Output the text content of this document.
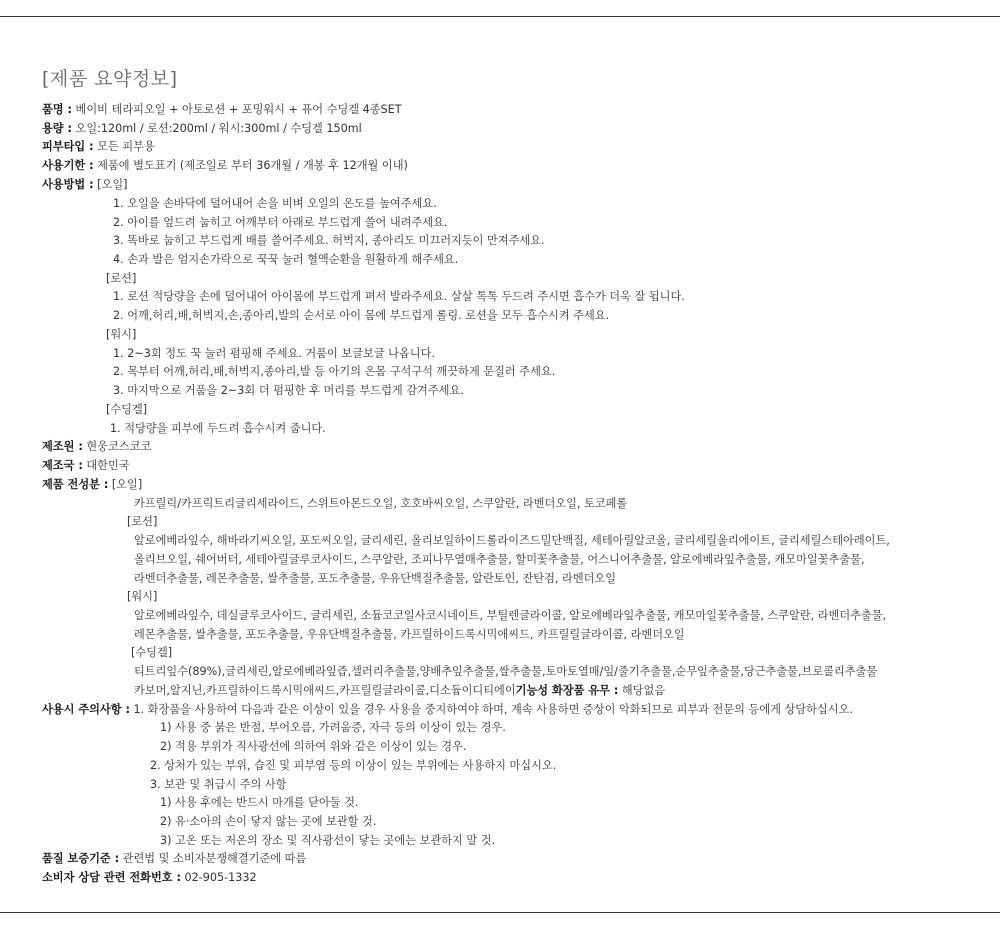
[제품 요약정보]
품명 : 베이비 테라피오일 + 아토로션 + 포밍워시 + 퓨어 수딩겔 4종SET
용량 : 오일:120ml / 로션:200ml / 워시:300ml / 수딩겔 150ml
피부타입 : 모든 피부용
사용기한 : 제품에 별도표기 (제조일로 부터 36개월 / 개봉 후 12개월 이내)
사용방법 : [오일]
1. 오일을 손바닥에 덜어내어 손을 비벼 오일의 온도를 높여주세요.
2. 아이를 엎드려 눕히고 어깨부터 아래로 부드럽게 쓸어 내려주세요.
3. 똑바로 눕히고 부드럽게 배를 쓸어주세요. 허벅지, 종아리도 미끄러지듯이 만져주세요.
4. 손과 발은 엄지손가락으로 꾹꾹 눌러 혈액순환을 원활하게 해주세요.
[로션]
1. 로션 적당량을 손에 덜어내어 아이몸에 부드럽게 펴서 발라주세요. 살살 톡톡 두드려 주시면 흡수가 더욱 잘 됩니다.
2. 어깨,허리,배,허벅지,손,종아리,발의 순서로 아이 몸에 부드럽게 롤링. 로션을 모두 흡수시켜 주세요.
[워시]
1. 2~3회 정도 꾹 눌러 펌핑해 주세요. 거품이 보글보글 나옵니다.
2. 목부터 어깨,허리,배,허벅지,종아리,발 등 아기의 온몸 구석구석 깨끗하게 문질러 주세요.
3. 마지막으로 거품을 2~3회 더 펌핑한 후 머리를 부드럽게 감겨주세요.
[수딩겔]
1. 적당량을 피부에 두드려 흡수시켜 줍니다.
제조원 : 현웅코스코코
제조국 : 대한민국
제품 전성분 : [오일]
카프릴릭/카프릭트리글리세라이드, 스위트아몬드오일, 호호바씨오일, 스쿠알란, 라벤더오일, 토코페롤
[로션]
알로에베라잎수, 해바라기씨오일, 포도씨오일, 글리세린, 올리보일하이드롤라이즈드밀단백질, 세테아릴알코올, 글리세릴올리에이트, 글리세릴스테아레이트,
올리브오일, 쉐어버터, 세테아릴글루코사이드, 스쿠알란, 조피나무열매추출물, 할미꽃추출물, 어스니어추출물, 알로에베라잎추출물, 캐모마일꽃추출물,
라벤더추출물, 레몬추출물, 쌀추출물, 포도추출물, 우유단백질추출물, 알란토인, 잔탄검, 라벤더오일
[워시]
알로에베라잎수, 데실글루코사이드, 글리세린, 소듐코코일사코시네이트, 부틸렌글라이콜, 알로에베라잎추출물, 캐모마일꽃추출물, 스쿠알란, 라벤더추출물,
레몬추출물, 쌀추출물, 포도추출물, 우유단백질추출물, 카프릴하이드록시믹애씨드, 카프릴릴글라이콜, 라벤더오일
[수딩겔]
티트리잎수(89%),글리세린,알로에베라잎즙,셀러리추출물,양배추잎추출물,쌀추출물,토마토열매/잎/줄기추출물,순무잎추출물,당근추출물,브로콜리추출물
카보머,알지닌,카프릴하이드록시믹애씨드,카프릴릴글라이콜,디소듐이디티에이기능성 화장품 유무 : 해당없음
사용시 주의사항 : 1. 화장품을 사용하여 다음과 같은 이상이 있을 경우 사용을 중지하여야 하며, 계속 사용하면 증상이 악화되므로 피부과 전문의 등에게 상담하십시오.
1) 사용 중 붉은 반점, 부어오름, 가려움증, 자극 등의 이상이 있는 경우.
2) 적용 부위가 직사광선에 의하여 위와 같은 이상이 있는 경우.
2. 상처가 있는 부위, 습진 및 피부염 등의 이상이 있는 부위에는 사용하지 마십시오.
3. 보관 및 취급시 주의 사항
1) 사용 후에는 반드시 마개를 닫아둘 것.
2) 유·소아의 손이 닿지 않는 곳에 보관할 것.
3) 고온 또는 저온의 장소 및 직사광선이 닿는 곳에는 보관하지 말 것.
품질 보증기준 : 관련법 및 소비자분쟁해결기준에 따름
소비자 상담 관련 전화번호 : 02-905-1332
